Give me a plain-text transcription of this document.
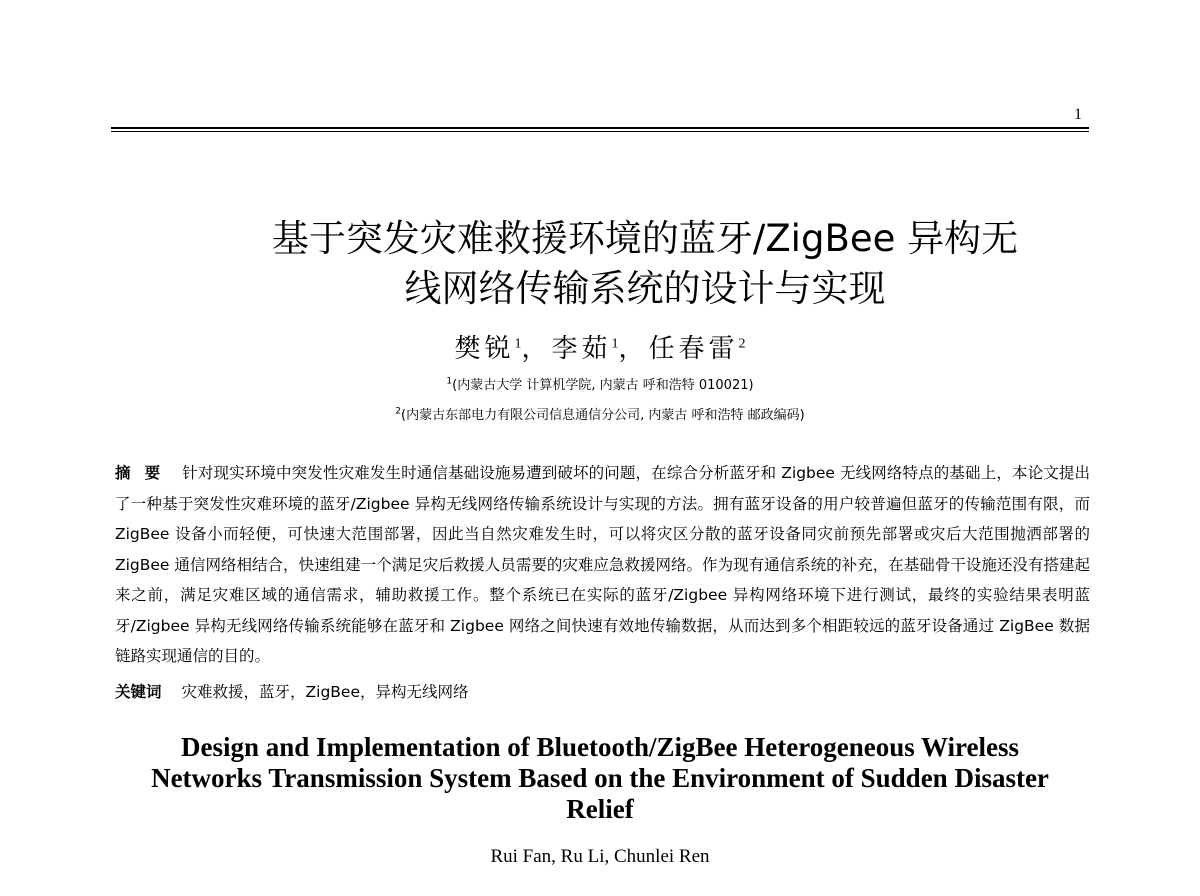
1
基于突发灾难救援环境的蓝牙/ZigBee 异构无
线网络传输系统的设计与实现
樊锐$^1$，李茹$^1$，任春雷$^2$
$^1$(内蒙古大学 计算机学院, 内蒙古 呼和浩特 010021)
$^2$(内蒙古东部电力有限公司信息通信分公司, 内蒙古 呼和浩特 邮政编码)

摘要 针对现实环境中突发性灾难发生时通信基础设施易遭到破坏的问题，在综合分析蓝牙和 Zigbee 无线网络特点的基础上，本论文提出了一种基于突发性灾难环境的蓝牙/Zigbee 异构无线网络传输系统设计与实现的方法。拥有蓝牙设备的用户较普遍但蓝牙的传输范围有限，而 ZigBee 设备小而轻便，可快速大范围部署，因此当自然灾难发生时，可以将灾区分散的蓝牙设备同灾前预先部署或灾后大范围抛洒部署的 ZigBee 通信网络相结合，快速组建一个满足灾后救援人员需要的灾难应急救援网络。作为现有通信系统的补充，在基础骨干设施还没有搭建起来之前，满足灾难区域的通信需求，辅助救援工作。整个系统已在实际的蓝牙/Zigbee 异构网络环境下进行测试，最终的实验结果表明蓝牙/Zigbee 异构无线网络传输系统能够在蓝牙和 Zigbee 网络之间快速有效地传输数据，从而达到多个相距较远的蓝牙设备通过 ZigBee 数据链路实现通信的目的。

关键词 灾难救援，蓝牙，ZigBee，异构无线网络
Design and Implementation of Bluetooth/ZigBee Heterogeneous Wireless
Networks Transmission System Based on the Environment of Sudden Disaster
Relief
Rui Fan, Ru Li, Chunlei Ren
